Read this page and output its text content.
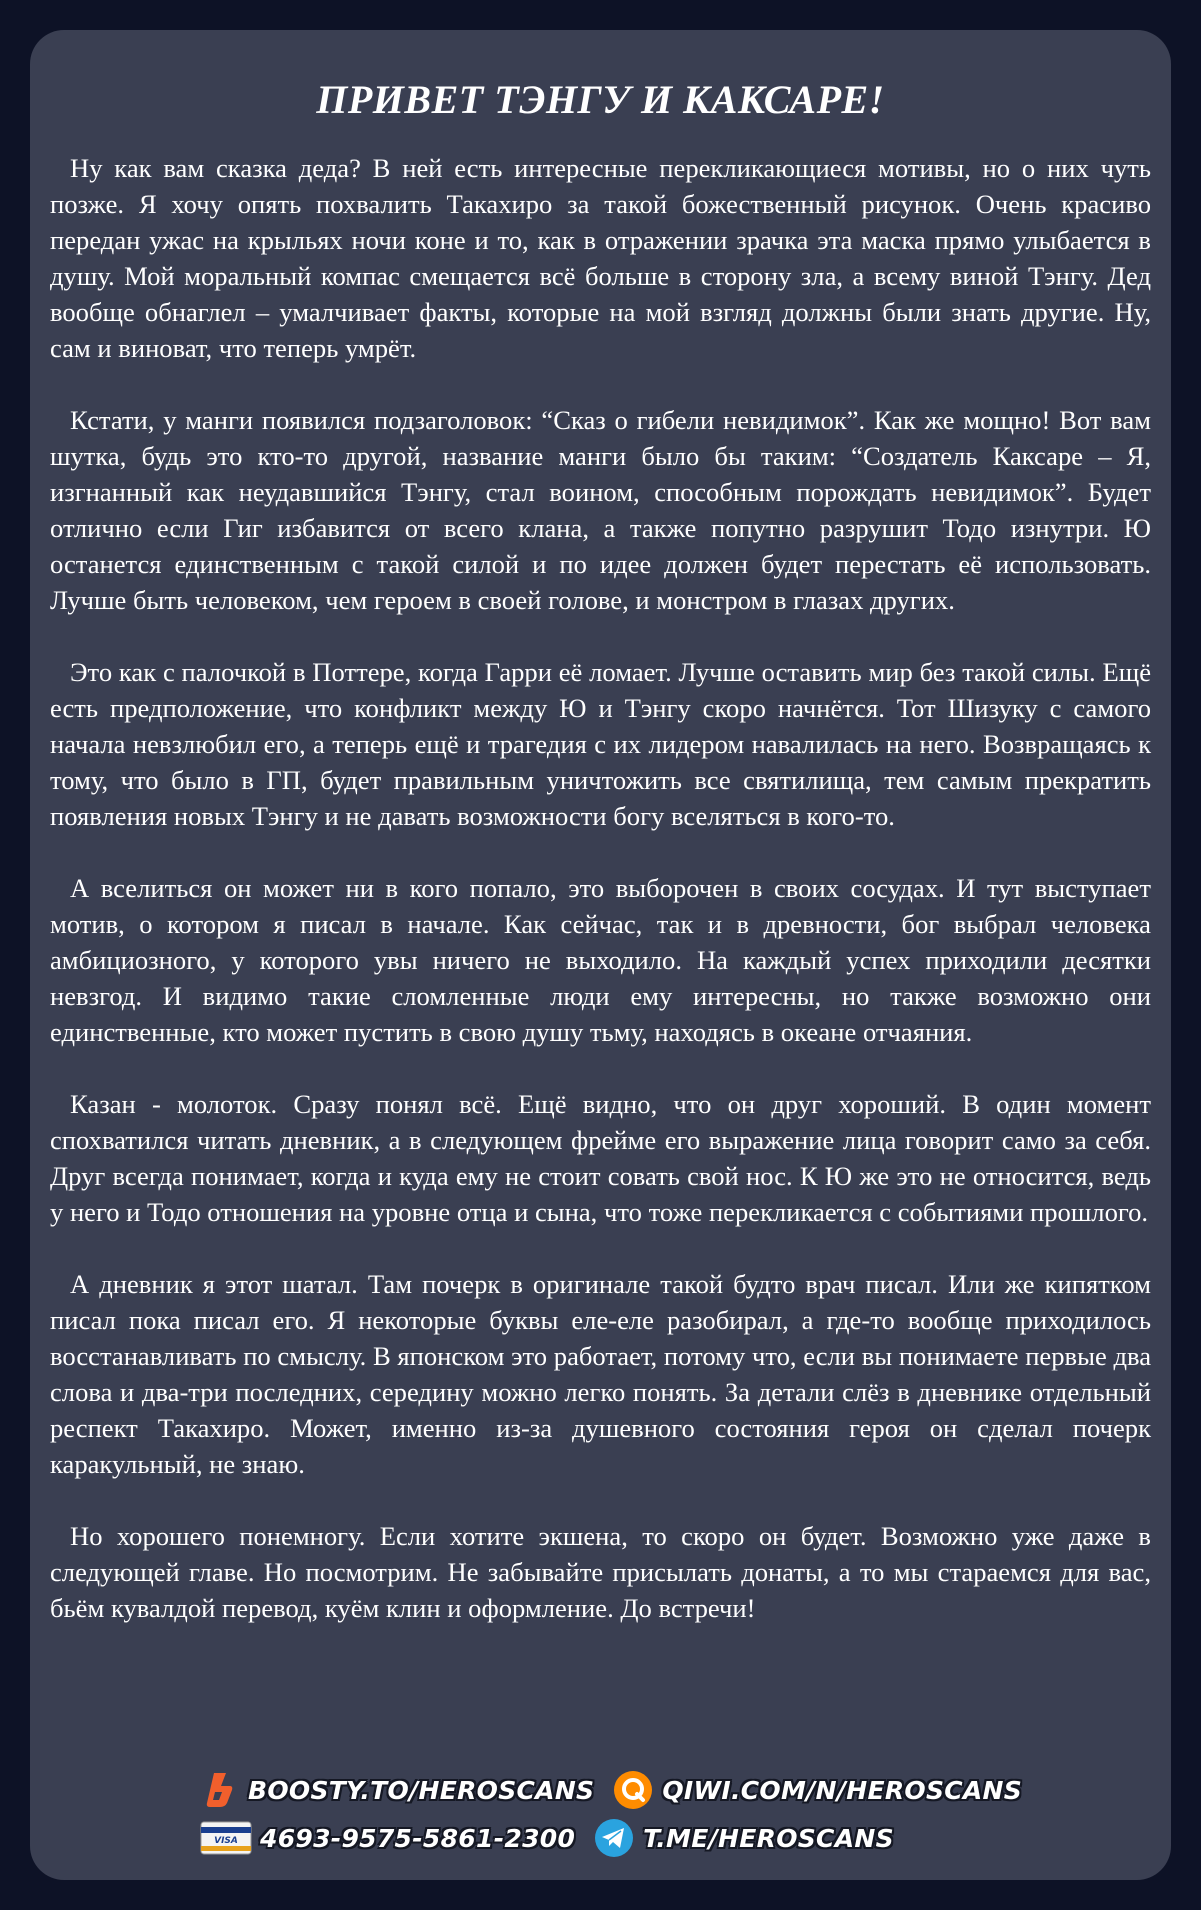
ПРИВЕТ ТЭНГУ И КАКСАРЕ!

Ну как вам сказка деда? В ней есть интересные перекликающиеся мотивы, но о них чуть позже. Я хочу опять похвалить Такахиро за такой божественный рисунок. Очень красиво передан ужас на крыльях ночи коне и то, как в отражении зрачка эта маска прямо улыбается в душу. Мой моральный компас смещается всё больше в сторону зла, а всему виной Тэнгу. Дед вообще обнаглел – умалчивает факты, которые на мой взгляд должны были знать другие. Ну, сам и виноват, что теперь умрёт.

Кстати, у манги появился подзаголовок: “Сказ о гибели невидимок”. Как же мощно! Вот вам шутка, будь это кто-то другой, название манги было бы таким: “Создатель Каксаре – Я, изгнанный как неудавшийся Тэнгу, стал воином, способным порождать невидимок”. Будет отлично если Гиг избавится от всего клана, а также попутно разрушит Тодо изнутри. Ю останется единственным с такой силой и по идее должен будет перестать её использовать. Лучше быть человеком, чем героем в своей голове, и монстром в глазах других.

Это как с палочкой в Поттере, когда Гарри её ломает. Лучше оставить мир без такой силы. Ещё есть предположение, что конфликт между Ю и Тэнгу скоро начнётся. Тот Шизуку с самого начала невзлюбил его, а теперь ещё и трагедия с их лидером навалилась на него. Возвращаясь к тому, что было в ГП, будет правильным уничтожить все святилища, тем самым прекратить появления новых Тэнгу и не давать возможности богу вселяться в кого-то.

А вселиться он может ни в кого попало, это выборочен в своих сосудах. И тут выступает мотив, о котором я писал в начале. Как сейчас, так и в древности, бог выбрал человека амбициозного, у которого увы ничего не выходило. На каждый успех приходили десятки невзгод. И видимо такие сломленные люди ему интересны, но также возможно они единственные, кто может пустить в свою душу тьму, находясь в океане отчаяния.

Казан - молоток. Сразу понял всё. Ещё видно, что он друг хороший. В один момент спохватился читать дневник, а в следующем фрейме его выражение лица говорит само за себя. Друг всегда понимает, когда и куда ему не стоит совать свой нос. К Ю же это не относится, ведь у него и Тодо отношения на уровне отца и сына, что тоже перекликается с событиями прошлого.

А дневник я этот шатал. Там почерк в оригинале такой будто врач писал. Или же кипятком писал пока писал его. Я некоторые буквы еле-еле разобирал, а где-то вообще приходилось восстанавливать по смыслу. В японском это работает, потому что, если вы понимаете первые два слова и два-три последних, середину можно легко понять. За детали слёз в дневнике отдельный респект Такахиро. Может, именно из-за душевного состояния героя он сделал почерк каракульный, не знаю.

Но хорошего понемногу. Если хотите экшена, то скоро он будет. Возможно уже даже в следующей главе. Но посмотрим. Не забывайте присылать донаты, а то мы стараемся для вас, бьём кувалдой перевод, куём клин и оформление. До встречи!

BOOSTY.TO/HEROSCANS	QIWI.COM/N/HEROSCANS
VISA 4693-9575-5861-2300	T.ME/HEROSCANS
